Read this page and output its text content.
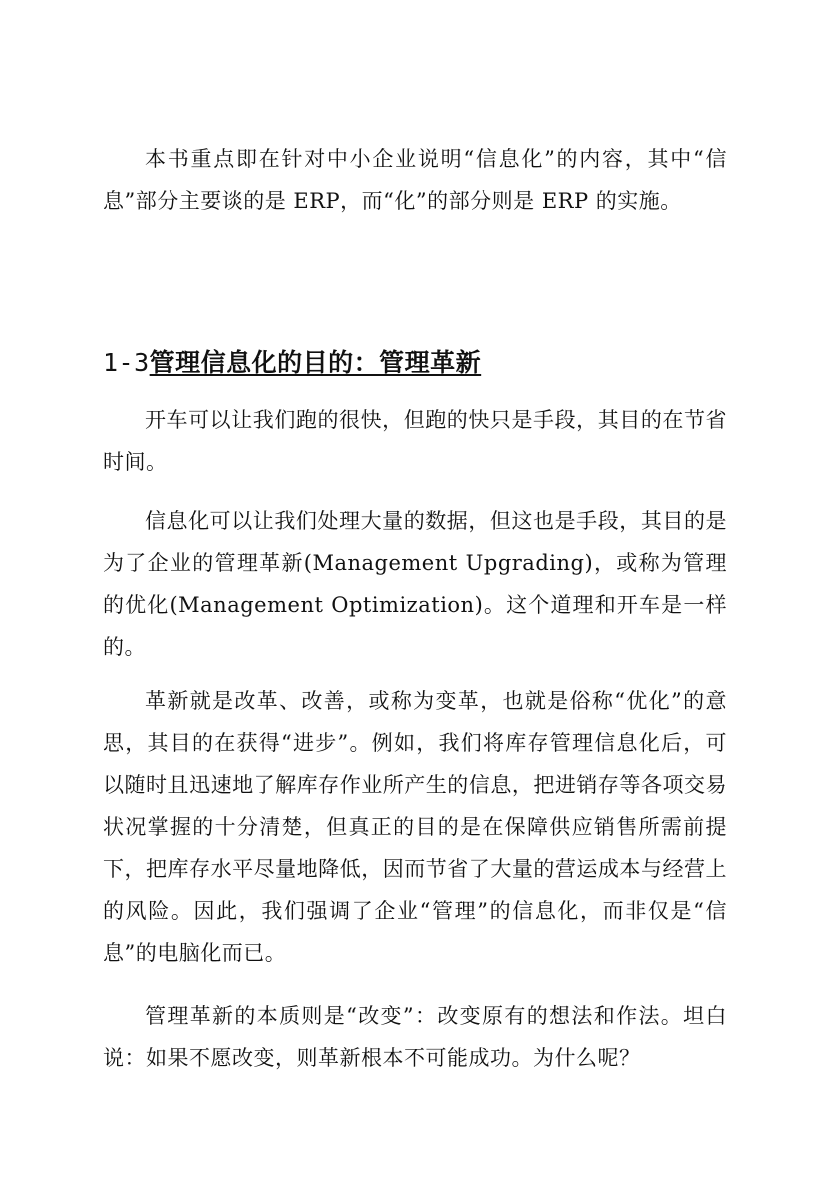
本书重点即在针对中小企业说明“信息化”的内容，其中“信息”部分主要谈的是 ERP，而“化”的部分则是 ERP 的实施。

1-3管理信息化的目的：管理革新

开车可以让我们跑的很快，但跑的快只是手段，其目的在节省时间。

信息化可以让我们处理大量的数据，但这也是手段，其目的是为了企业的管理革新(Management Upgrading)，或称为管理的优化(Management Optimization)。这个道理和开车是一样的。

革新就是改革、改善，或称为变革，也就是俗称“优化”的意思，其目的在获得“进步”。例如，我们将库存管理信息化后，可以随时且迅速地了解库存作业所产生的信息，把进销存等各项交易状况掌握的十分清楚，但真正的目的是在保障供应销售所需前提下，把库存水平尽量地降低，因而节省了大量的营运成本与经营上的风险。因此，我们强调了企业“管理”的信息化，而非仅是“信息”的电脑化而已。

管理革新的本质则是“改变”：改变原有的想法和作法。坦白说：如果不愿改变，则革新根本不可能成功。为什么呢？
